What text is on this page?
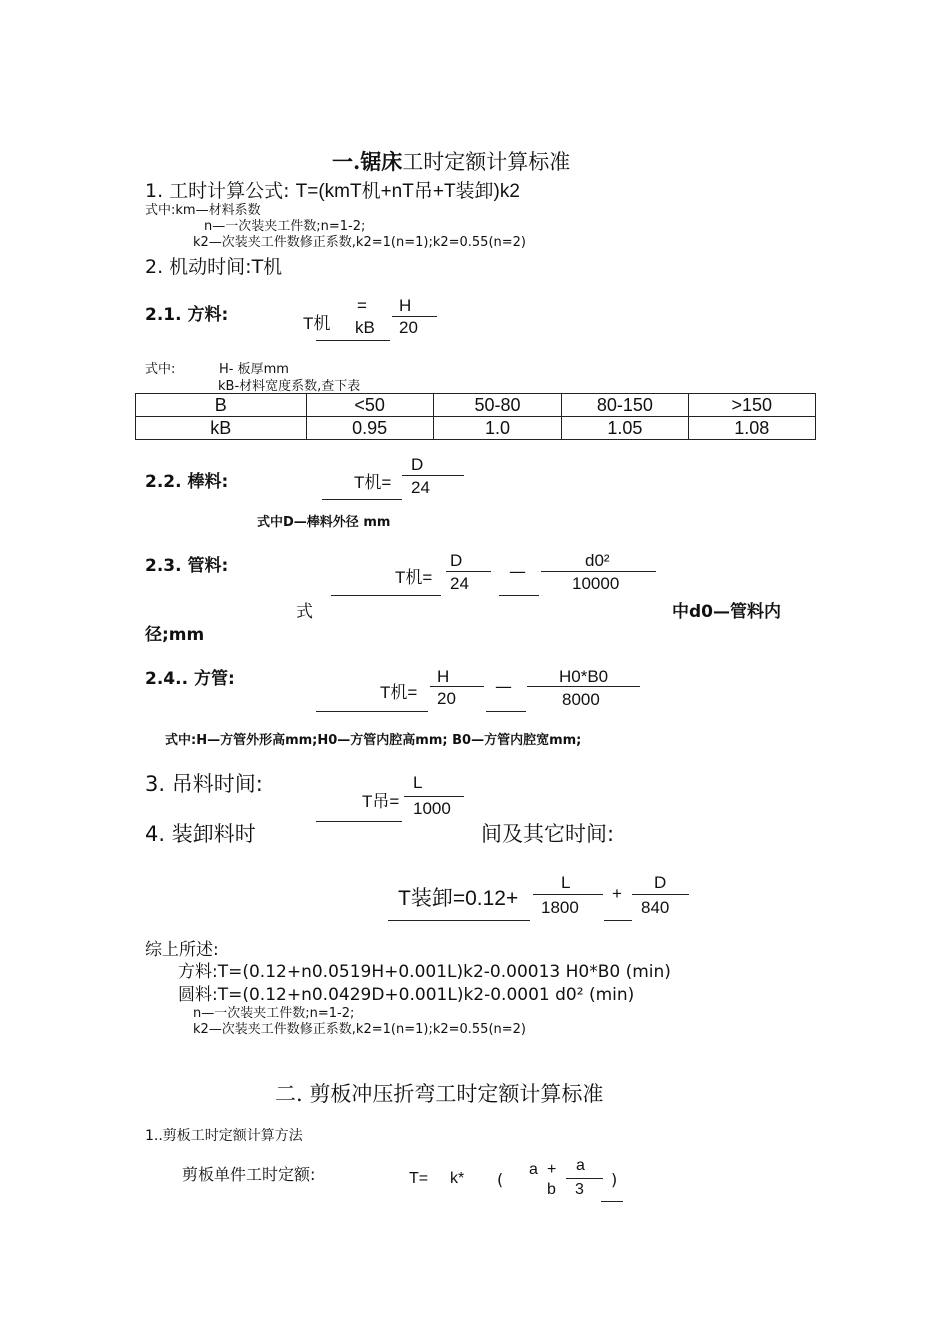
一.锯床工时定额计算标准
1. 工时计算公式: T=(kmT机+nT吊+T装卸)k2
式中:km—材料系数
n—一次装夹工件数;n=1-2;
k2—次装夹工件数修正系数,k2=1(n=1);k2=0.55(n=2)
2. 机动时间:T机
2.1. 方料:	T机
=
kB
H
20
式中:	H- 板厚mm
kB-材料宽度系数,查下表
B	<50	50-80	80-150	>150
kB	0.95	1.0	1.05	1.08
2.2. 棒料:	T机=
D
24
式中D—棒料外径 mm
2.3. 管料:
T机=
D
24
—
d0²
10000
式	中d0—管料内
径;mm
2.4.. 方管:
T机=
H
20
—
H0*B0
8000
式中:H—方管外形高mm;H0—方管内腔高mm; B0—方管内腔宽mm;
3. 吊料时间:
T吊=
L
1000
4. 装卸料时	间及其它时间:
T装卸=0.12+
L
1800
+
D
840
综上所述:
方料:T=(0.12+n0.0519H+0.001L)k2-0.00013 H0*B0 (min)
圆料:T=(0.12+n0.0429D+0.001L)k2-0.0001 d0² (min)
n—一次装夹工件数;n=1-2;
k2—次装夹工件数修正系数,k2=1(n=1);k2=0.55(n=2)
二. 剪板冲压折弯工时定额计算标准
1..剪板工时定额计算方法
剪板单件工时定额:	T= k* (
a +
b
a
3
)
